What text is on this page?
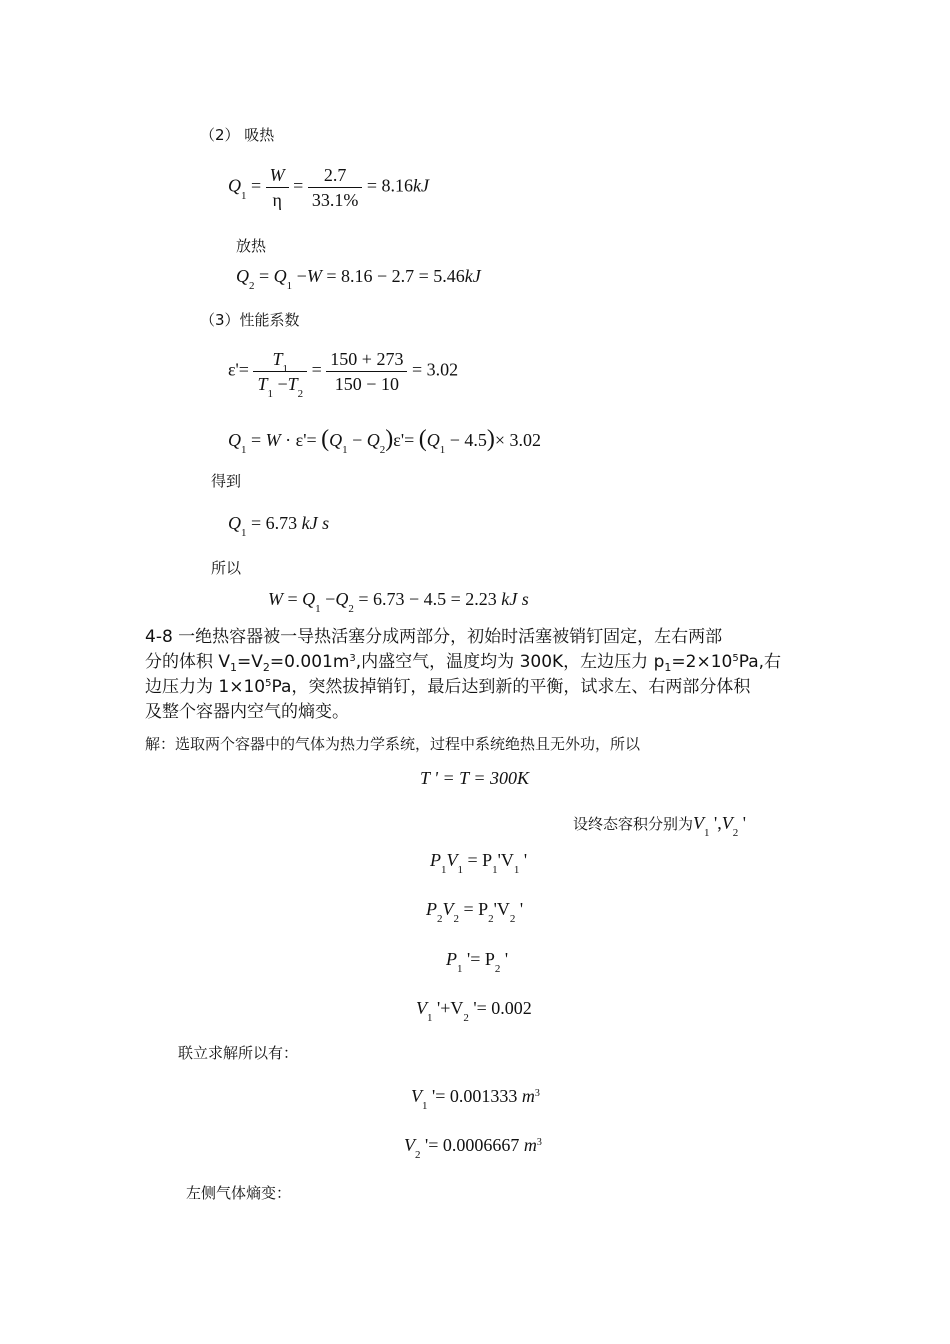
（2） 吸热
$Q_1 = \frac{W}{\eta} = \frac{2.7}{33.1\%} = 8.16kJ$
放热
$Q_2 = Q_1 -W = 8.16 - 2.7 = 5.46kJ$
（3）性能系数
$\varepsilon'= \frac{T_1}{T_1 -T_2} = \frac{150 + 273}{150 - 10} = 3.02$
$Q_1 = W \cdot \varepsilon'= (Q_1 - Q_2)\varepsilon'= (Q_1 - 4.5)\times 3.02$
得到
$Q_1 = 6.73$ kJ s
所以
$W = Q_1 -Q_2 = 6.73 - 4.5 = 2.23$ kJ s
4-8 一绝热容器被一导热活塞分成两部分，初始时活塞被销钉固定，左右两部
分的体积 $V_1=V_2=0.001m^3$,内盛空气，温度均为 300K，左边压力 $p_1=2\times 10^5Pa$,右
边压力为 $1\times 10^5Pa$，突然拔掉销钉，最后达到新的平衡，试求左、右两部分体积
及整个容器内空气的熵变。
解：选取两个容器中的气体为热力学系统，过程中系统绝热且无外功，所以
T ' = T = 300K
设终态容积分别为$V_1$ '$,V_2$ '
$P_1V_1 = P_1'V_1$ '
$P_2V_2 = P_2'V_2$ '
$P_1$ '= $P_2$ '
$V_1$ '$+V_2$ '= 0.002
联立求解所以有：
$V_1$ '= 0.001333 $m^3$
$V_2$ '= 0.0006667 $m^3$
左侧气体熵变：
